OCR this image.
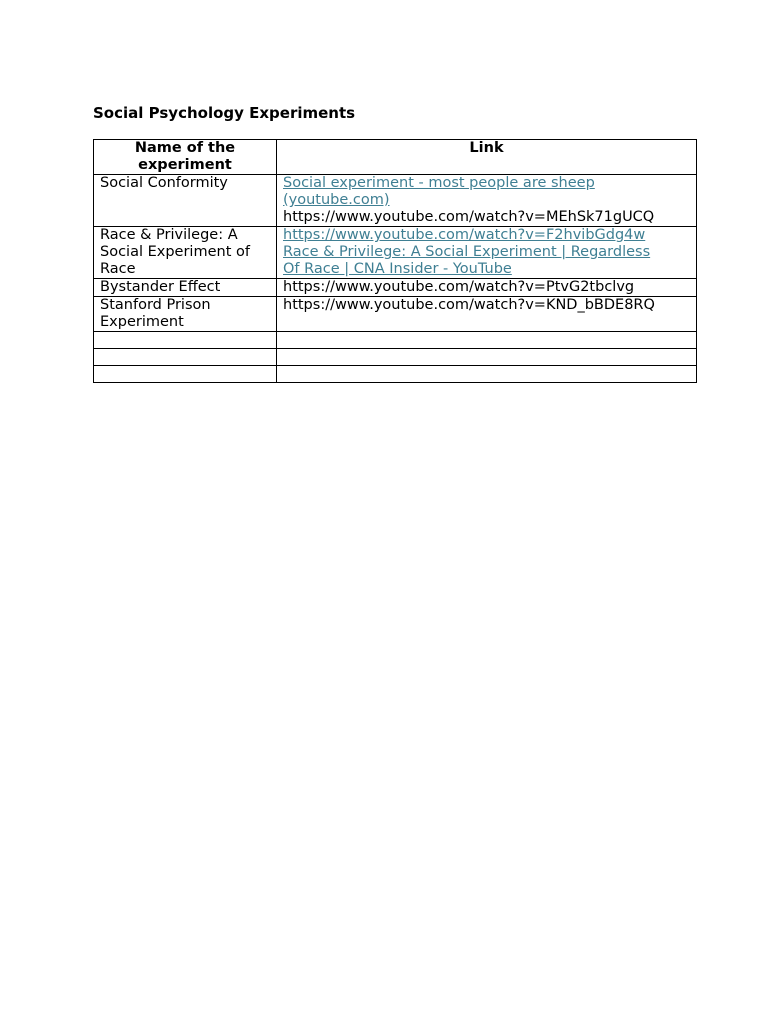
Social Psychology Experiments
Name of the experiment	Link
Social Conformity	Social experiment - most people are sheep
(youtube.com)
https://www.youtube.com/watch?v=MEhSk71gUCQ

Race & Privilege: A Social Experiment of Race	https://www.youtube.com/watch?v=F2hvibGdg4w
Race & Privilege: A Social Experiment | Regardless
Of Race | CNA Insider - YouTube

Bystander Effect	https://www.youtube.com/watch?v=PtvG2tbclvg

Stanford Prison Experiment	https://www.youtube.com/watch?v=KND_bBDE8RQ
